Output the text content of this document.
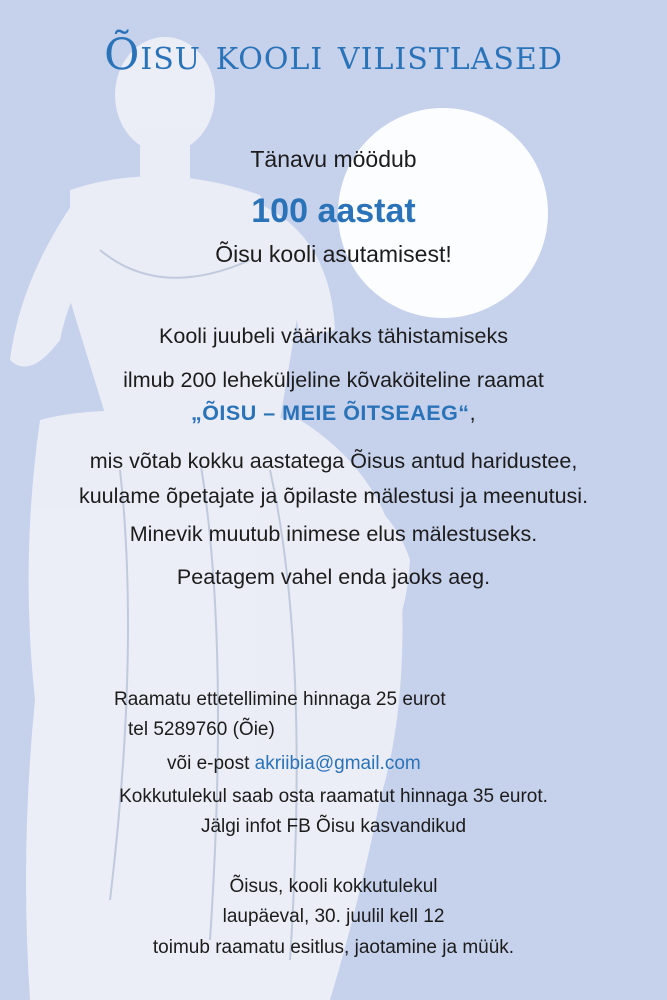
Õisu kooli vilistlased
Tänavu möödub
100 aastat
Õisu kooli asutamisest!
Kooli juubeli väärikaks tähistamiseks
ilmub 200 leheküljeline kõvaköiteline raamat
„ÕISU – MEIE ÕITSEAEG“,
mis võtab kokku aastatega Õisus antud haridustee,
kuulame õpetajate ja õpilaste mälestusi ja meenutusi.
Minevik muutub inimese elus mälestuseks.
Peatagem vahel enda jaoks aeg.
Raamatu ettetellimine hinnaga 25 eurot
tel 5289760 (Õie)
või e-post akriibia@gmail.com
Kokkutulekul saab osta raamatut hinnaga 35 eurot.
Jälgi infot FB Õisu kasvandikud
Õisus, kooli kokkutulekul
laupäeval, 30. juulil kell 12
toimub raamatu esitlus, jaotamine ja müük.
